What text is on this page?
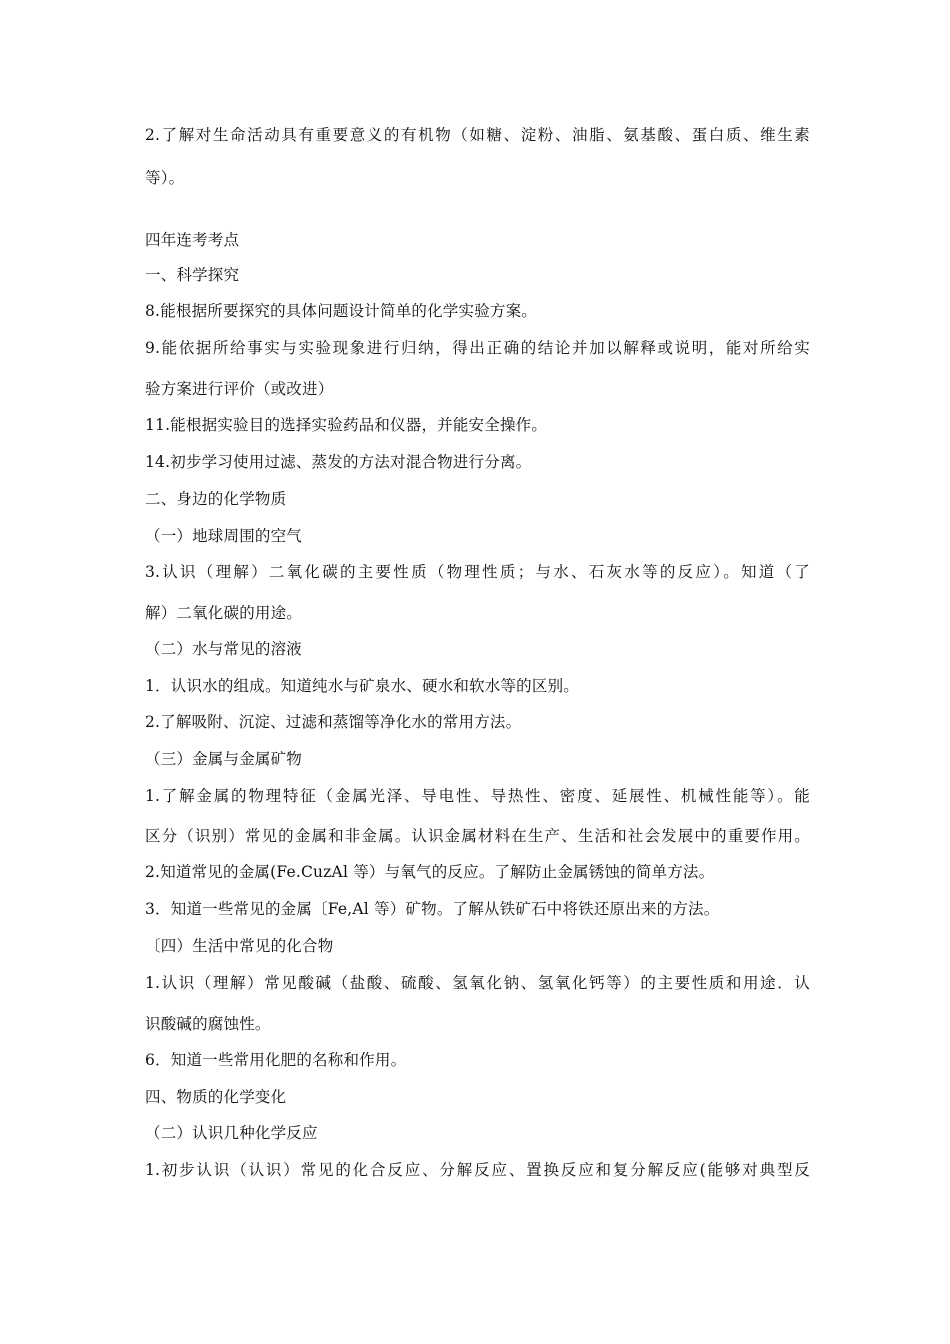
2.了解对生命活动具有重要意义的有机物（如糖、淀粉、油脂、氨基酸、蛋白质、维生素
等）。
四年连考考点
一、科学探究
8.能根据所要探究的具体问题设计简单的化学实验方案。
9.能依据所给事实与实验现象进行归纳，得出正确的结论并加以解释或说明，能对所给实
验方案进行评价（或改进）
11.能根据实验目的选择实验药品和仪器，并能安全操作。
14.初步学习使用过滤、蒸发的方法对混合物进行分离。
二、身边的化学物质
（一）地球周围的空气
3.认识（理解）二氧化碳的主要性质（物理性质；与水、石灰水等的反应）。知道（了
解）二氧化碳的用途。
（二）水与常见的溶液
1．认识水的组成。知道纯水与矿泉水、硬水和软水等的区别。
2.了解吸附、沉淀、过滤和蒸馏等净化水的常用方法。
（三）金属与金属矿物
1.了解金属的物理特征（金属光泽、导电性、导热性、密度、延展性、机械性能等）。能
区分（识别）常见的金属和非金属。认识金属材料在生产、生活和社会发展中的重要作用。
2.知道常见的金属(Fe.CuzAl 等）与氧气的反应。了解防止金属锈蚀的简单方法。
3．知道一些常见的金属〔Fe,Al 等）矿物。了解从铁矿石中将铁还原出来的方法。
〔四）生活中常见的化合物
1.认识（理解）常见酸碱（盐酸、硫酸、氢氧化钠、氢氧化钙等）的主要性质和用途．认
识酸碱的腐蚀性。
6．知道一些常用化肥的名称和作用。
四、物质的化学变化
（二）认识几种化学反应
1.初步认识（认识）常见的化合反应、分解反应、置换反应和复分解反应(能够对典型反
